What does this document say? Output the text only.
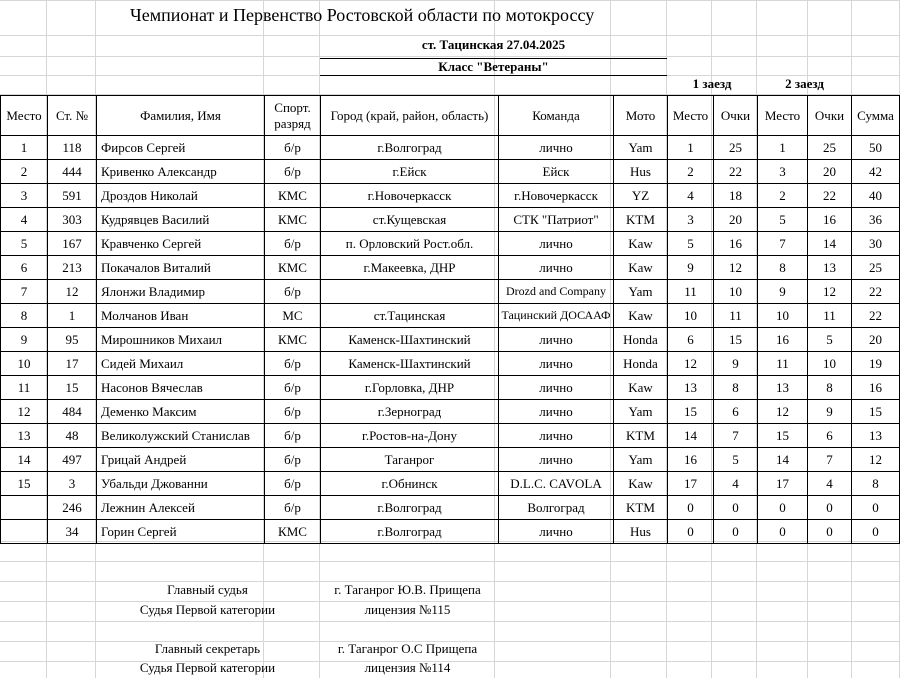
Чемпионат и Первенство Ростовской области по мотокроссу
ст. Тацинская 27.04.2025
Класс "Ветераны"
1 заезд	2 заезд
Место	Ст. №	Фамилия, Имя	Спорт. разряд	Город (край, район, область)	Команда	Мото	Место	Очки	Место	Очки	Сумма
1	118	Фирсов Сергей	б/р	г.Волгоград	лично	Yam	1	25	1	25	50
2	444	Кривенко Александр	б/р	г.Ейск	Ейск	Hus	2	22	3	20	42
3	591	Дроздов Николай	КМС	г.Новочеркасск	г.Новочеркасск	YZ	4	18	2	22	40
4	303	Кудрявцев Василий	КМС	ст.Кущевская	СТК "Патриот"	KTM	3	20	5	16	36
5	167	Кравченко Сергей	б/р	п. Орловский Рост.обл.	лично	Kaw	5	16	7	14	30
6	213	Покачалов Виталий	КМС	г.Макеевка, ДНР	лично	Kaw	9	12	8	13	25
7	12	Ялонжи Владимир	б/р		Drozd and Company	Yam	11	10	9	12	22
8	1	Молчанов Иван	МС	ст.Тацинская	Тацинский ДОСААФ	Kaw	10	11	10	11	22
9	95	Мирошников Михаил	КМС	Каменск-Шахтинский	лично	Honda	6	15	16	5	20
10	17	Сидей Михаил	б/р	Каменск-Шахтинский	лично	Honda	12	9	11	10	19
11	15	Насонов Вячеслав	б/р	г.Горловка, ДНР	лично	Kaw	13	8	13	8	16
12	484	Деменко Максим	б/р	г.Зерноград	лично	Yam	15	6	12	9	15
13	48	Великолужский Станислав	б/р	г.Ростов-на-Дону	лично	KTM	14	7	15	6	13
14	497	Грицай Андрей	б/р	Таганрог	лично	Yam	16	5	14	7	12
15	3	Убальди Джованни	б/р	г.Обнинск	D.L.C. CAVOLA	Kaw	17	4	17	4	8
	246	Лежнин Алексей	б/р	г.Волгоград	Волгоград	KTM	0	0	0	0	0
	34	Горин Сергей	КМС	г.Волгоград	лично	Hus	0	0	0	0	0
Главный судья	г. Таганрог Ю.В. Прищепа
Судья Первой категории	лицензия №115
Главный секретарь	г. Таганрог О.С Прищепа
Судья Первой категории	лицензия №114
